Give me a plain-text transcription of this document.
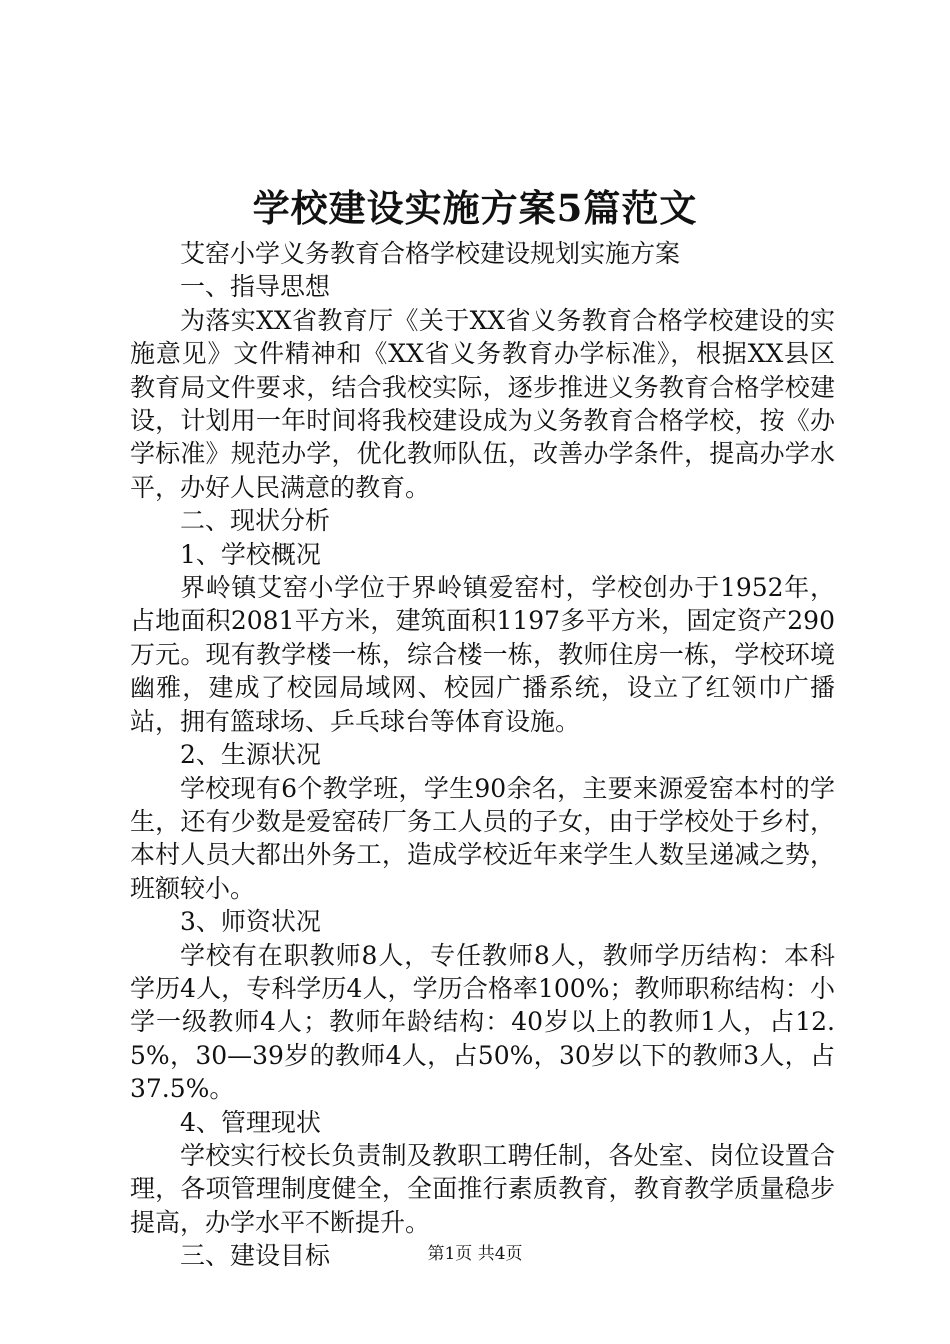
学校建设实施方案5篇范文

艾窑小学义务教育合格学校建设规划实施方案

一、指导思想

为落实XX省教育厅《关于XX省义务教育合格学校建设的实施意见》文件精神和《XX省义务教育办学标准》，根据XX县区教育局文件要求，结合我校实际，逐步推进义务教育合格学校建设，计划用一年时间将我校建设成为义务教育合格学校，按《办学标准》规范办学，优化教师队伍，改善办学条件，提高办学水平，办好人民满意的教育。

二、现状分析

1、学校概况

界岭镇艾窑小学位于界岭镇爱窑村，学校创办于1952年，占地面积2081平方米，建筑面积1197多平方米，固定资产290万元。现有教学楼一栋，综合楼一栋，教师住房一栋，学校环境幽雅，建成了校园局域网、校园广播系统，设立了红领巾广播站，拥有篮球场、乒乓球台等体育设施。

2、生源状况

学校现有6个教学班，学生90余名，主要来源爱窑本村的学生，还有少数是爱窑砖厂务工人员的子女，由于学校处于乡村，本村人员大都出外务工，造成学校近年来学生人数呈递减之势，班额较小。

3、师资状况

学校有在职教师8人，专任教师8人，教师学历结构：本科学历4人，专科学历4人，学历合格率100%；教师职称结构：小学一级教师4人；教师年龄结构：40岁以上的教师1人，占12.5%，30—39岁的教师4人，占50%，30岁以下的教师3人，占37.5%。

4、管理现状

学校实行校长负责制及教职工聘任制，各处室、岗位设置合理，各项管理制度健全，全面推行素质教育，教育教学质量稳步提高，办学水平不断提升。

三、建设目标	第1页 共4页
